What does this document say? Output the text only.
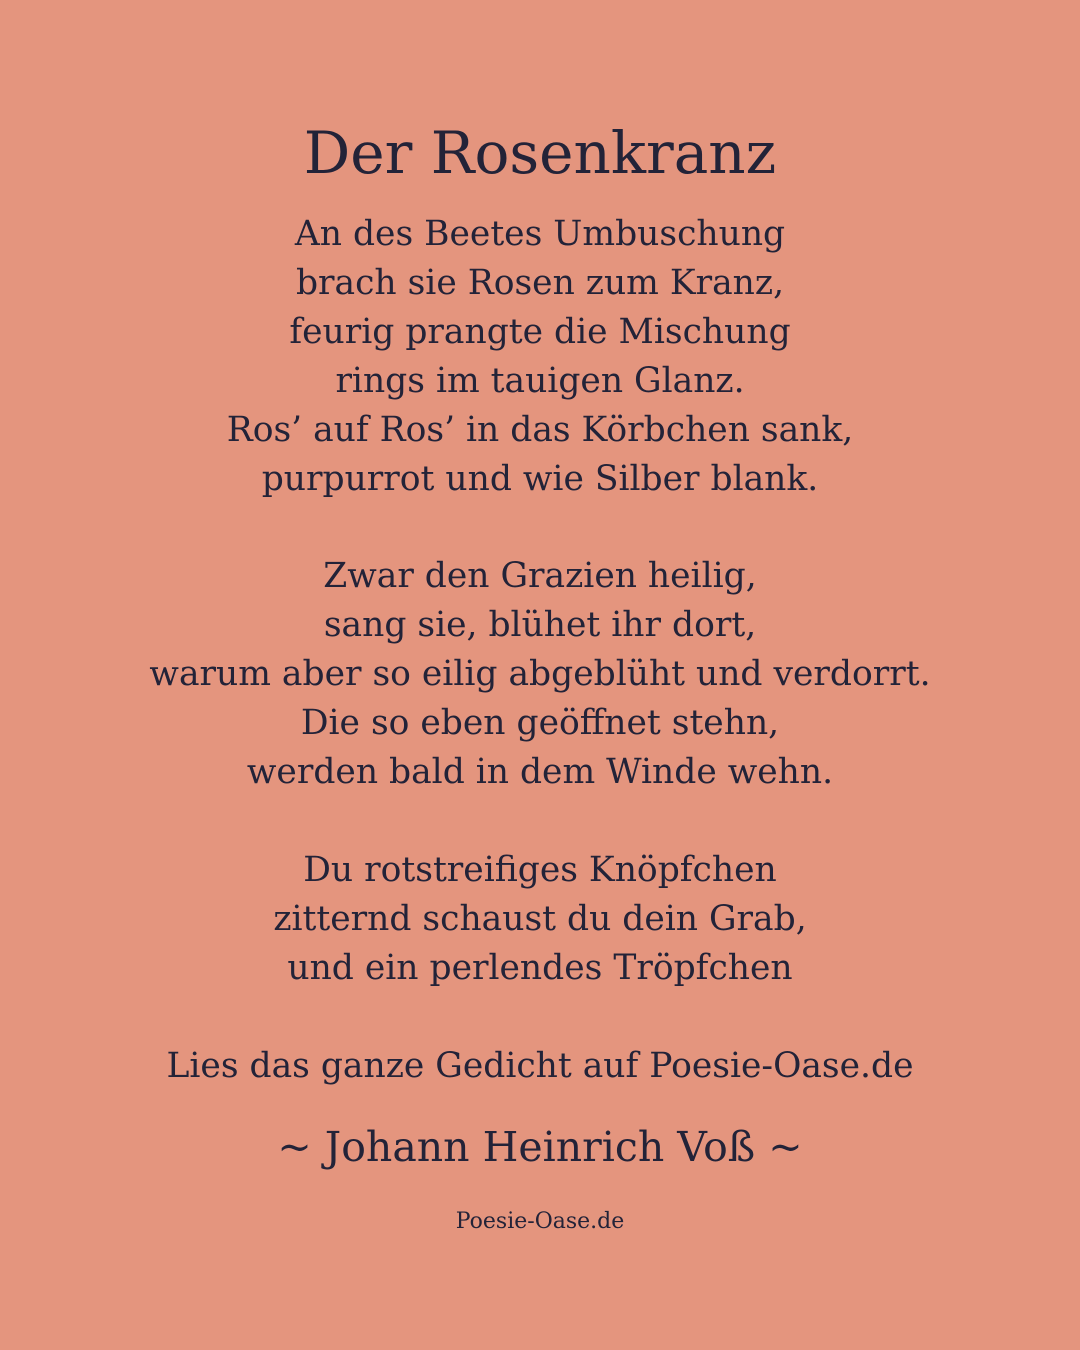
Der Rosenkranz
An des Beetes Umbuschung
brach sie Rosen zum Kranz,
feurig prangte die Mischung
rings im tauigen Glanz.
Ros’ auf Ros’ in das Körbchen sank,
purpurrot und wie Silber blank.
Zwar den Grazien heilig,
sang sie, blühet ihr dort,
warum aber so eilig abgeblüht und verdorrt.
Die so eben geöffnet stehn,
werden bald in dem Winde wehn.
Du rotstreifiges Knöpfchen
zitternd schaust du dein Grab,
und ein perlendes Tröpfchen
Lies das ganze Gedicht auf Poesie-Oase.de
~ Johann Heinrich Voß ~
Poesie-Oase.de
